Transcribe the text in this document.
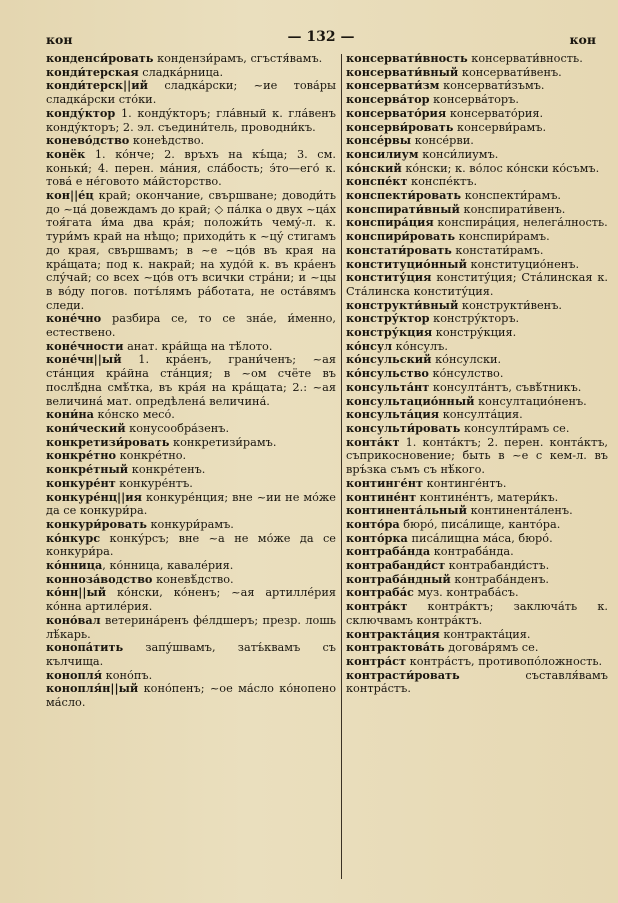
кон	— 132 —	кон

конденси́ровать кондензи́рамъ, сгъстя́вамъ.

конди́терская сладка́рница.

конди́терск||ий сладка́рски; ~ие това́ры сладка́рски сто́ки.

конду́ктор 1. конду́кторъ; гла́вный к. гла́венъ конду́кторъ; 2. эл. съедини́тель, проводни́къ.

конево́дство конеѣдство.

конёк 1. ко́нче; 2. връхъ на къ́ща; 3. см. коньки́; 4. перен. ма́ния, сла́бость; э́то—его́ к. това́ е не́говото ма́йсторство.

кон||е́ц край; окончание, свършване; доводи́ть до ~ца́ довеждамъ до край; ◇ па́лка о двух ~ца́х тоя́гата и́ма два кра́я; положи́ть чему́-л. к. тури́мъ край на нѣщо; приходи́ть к ~цу́ стигамъ до края, свършвамъ; в ~е ~цо́в въ края на кра́щата; под к. накрай; на худо́й к. въ кра́енъ слу́чай; со всех ~цо́в отъ всички стра́ни; и ~цы в во́ду погов. потъ́лямъ ра́ботата, не оста́вямъ следи.

коне́чно разбира се, то се зна́е, и́менно, естествено.

коне́чности анат. кра́йща на тѣ́лото.

коне́чн||ый 1. кра́енъ, грани́ченъ; ~ая ста́нция кра́йна ста́нция; в ~ом счёте въ послѣ́дна смѣ́тка, въ кра́я на кра́щата; 2.: ~ая величина́ мат. опредѣлена́ величина́.

кони́на ко́нско месо́.

кони́ческий конусообра́зенъ.

конкретизи́ровать конкретизи́рамъ.

конкре́тно конкре́тно.

конкре́тный конкре́тенъ.

конкуре́нт конкуре́нтъ.

конкуре́нц||ия конкуре́нция; вне ~ии не мо́же да се конкури́ра.

конкури́ровать конкури́рамъ.

ко́нкурс конку́рсъ; вне ~а не мо́же да се конкури́ра.

ко́нница, ко́нница, кавале́рия.

конноза́водство коневѣ́дство.

ко́нн||ый ко́нски, ко́ненъ; ~ая артилле́рия ко́нна артиле́рия.

коно́вал ветерина́ренъ фе́лдшеръ; презр. лошь лѣ́карь.

конопа́тить запу́швамъ, затъ́квамъ съ кълчища.

конопля́ коно́пъ.

конопля́н||ый коно́пенъ; ~ое ма́сло ко́нопено ма́сло.

консервати́вность консервати́вность.

консервати́вный консервати́венъ.

консервати́зм консервати́зъмъ.

консерва́тор консерва́торъ.

консервато́рия консервато́рия.

консерви́ровать консерви́рамъ.

консе́рвы консе́рви.

консилиум конси́лиумъ.

ко́нский ко́нски; к. во́лос ко́нски ко́съмъ.

конспе́кт конспе́ктъ.

конспекти́ровать конспекти́рамъ.

конспирати́вный конспирати́венъ.

конспира́ция конспира́ция, нелега́лность.

конспири́ровать конспири́рамъ.

констати́ровать констати́рамъ.

конституцио́нный конституцио́ненъ.

конститу́ция конститу́ция; Ста́линская к. Ста́линска конститу́ция.

конструкти́вный конструкти́венъ.

констру́ктор констру́кторъ.

констру́кция констру́кция.

ко́нсул ко́нсулъ.

ко́нсульский ко́нсулски.

ко́нсульство ко́нсулство.

консульта́нт консулта́нтъ, съвѣ́тникъ.

консультацио́нный консултацио́ненъ.

консульта́ция консулта́ция.

консульти́ровать консулти́рамъ се.

конта́кт 1. конта́ктъ; 2. перен. конта́ктъ, съприкосновение; быть в ~е с кем-л. въ връ́зка съмъ съ нѣ́кого.

континге́нт континге́нтъ.

контине́нт контине́нтъ, матери́къ.

континента́льный континента́ленъ.

конто́ра бюро́, писа́лище, канто́ра.

конто́рка писа́лищна ма́са, бюро́.

контраба́нда контраба́нда.

контрабанди́ст контрабанди́стъ.

контраба́ндный контраба́нденъ.

контраба́с муз. контраба́съ.

контра́кт контра́ктъ; заключа́ть к. сключвамъ контра́ктъ.

контракта́ция контракта́ция.

контрактова́ть догова́рямъ се.

контра́ст контра́стъ, противопо́ложность.

контрасти́ровать съставля́вамъ контра́стъ.
